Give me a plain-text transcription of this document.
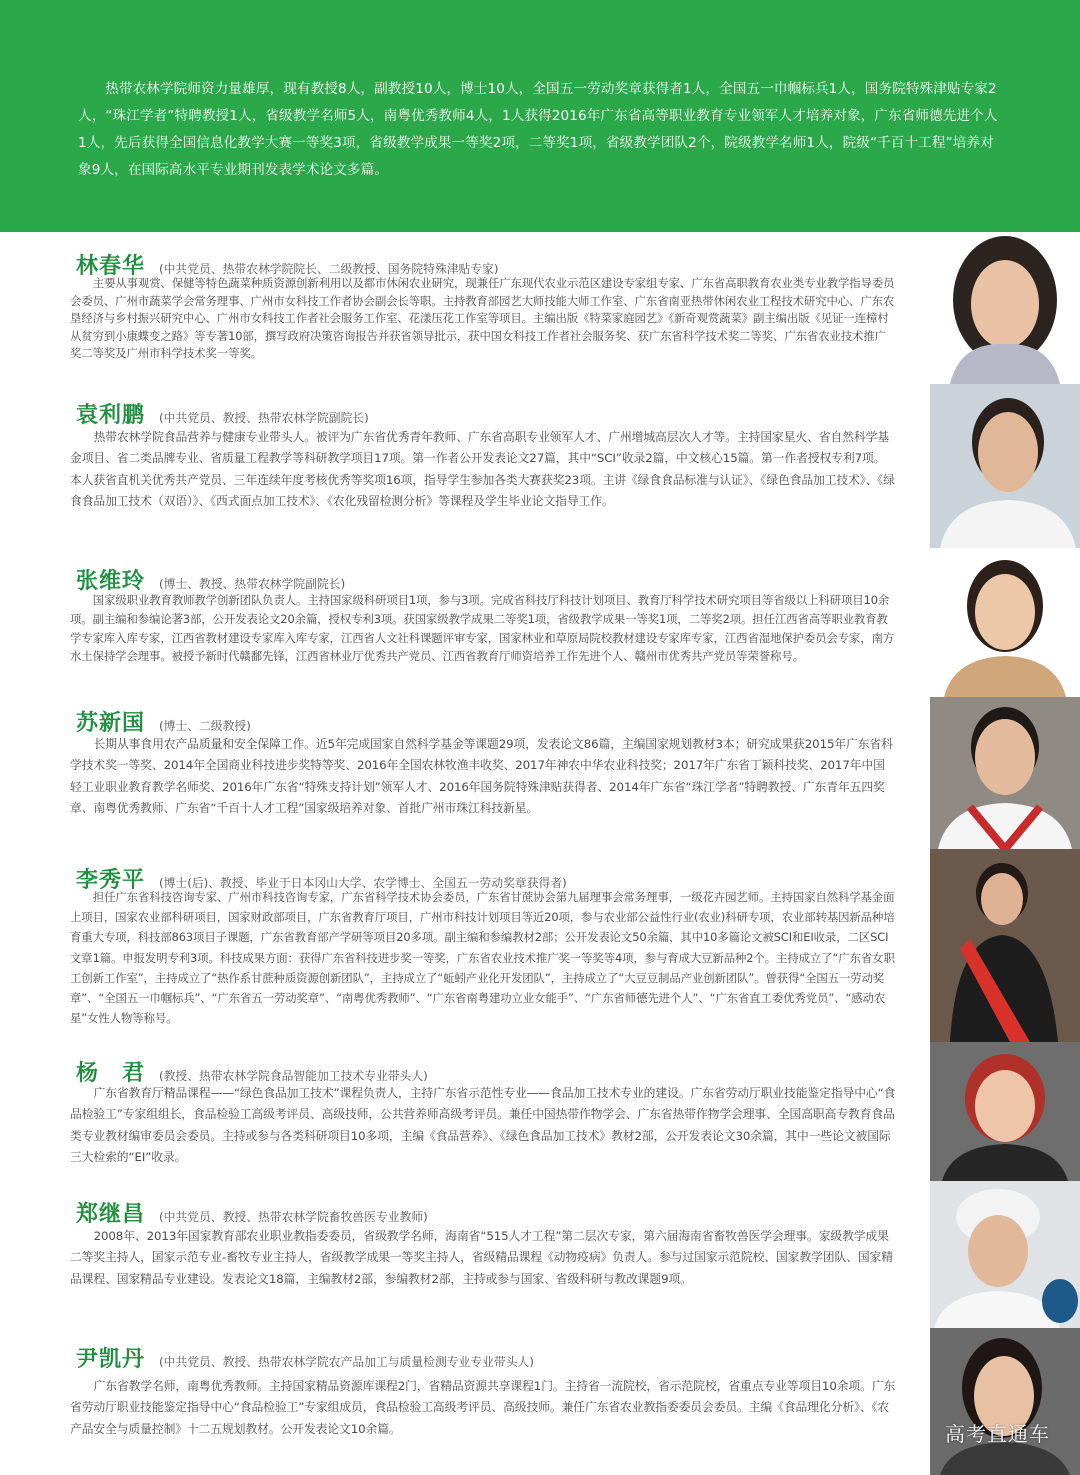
热带农林学院师资力量雄厚，现有教授8人，副教授10人，博士10人，全国五一劳动奖章获得者1人，全国五一巾帼标兵1人，国务院特殊津贴专家2人，“珠江学者”特聘教授1人，省级教学名师5人，南粤优秀教师4人，1人获得2016年广东省高等职业教育专业领军人才培养对象，广东省师德先进个人1人，先后获得全国信息化教学大赛一等奖3项，省级教学成果一等奖2项，二等奖1项，省级教学团队2个，院级教学名师1人，院级“千百十工程”培养对象9人，在国际高水平专业期刊发表学术论文多篇。
林春华 (中共党员、热带农林学院院长、二级教授、国务院特殊津贴专家)
主要从事观赏、保健等特色蔬菜种质资源创新利用以及都市休闲农业研究，现兼任广东现代农业示范区建设专家组专家、广东省高职教育农业类专业教学指导委员会委员、广州市蔬菜学会常务理事、广州市女科技工作者协会副会长等职。主持教育部园艺大师技能大师工作室、广东省南亚热带休闲农业工程技术研究中心、广东农垦经济与乡村振兴研究中心、广州市女科技工作者社会服务工作室、花漾压花工作室等项目。主编出版《特菜家庭园艺》《新奇观赏蔬菜》副主编出版《见证一连樟村从贫穷到小康蝶变之路》等专著10部，撰写政府决策咨询报告并获省领导批示，获中国女科技工作者社会服务奖、获广东省科学技术奖二等奖、广东省农业技术推广奖二等奖及广州市科学技术奖一等奖。
袁利鹏 (中共党员、教授、热带农林学院副院长)
热带农林学院食品营养与健康专业带头人。被评为广东省优秀青年教师、广东省高职专业领军人才、广州增城高层次人才等。主持国家星火、省自然科学基金项目、省二类品牌专业、省质量工程教学等科研教学项目17项。第一作者公开发表论文27篇，其中“SCI”收录2篇，中文核心15篇。第一作者授权专利7项。本人获省直机关优秀共产党员、三年连续年度考核优秀等奖项16项，指导学生参加各类大赛获奖23项。主讲《绿食食品标准与认证》、《绿色食品加工技术》、《绿食食品加工技术（双语）》、《西式面点加工技术》、《农化残留检测分析》等课程及学生毕业论文指导工作。
张维玲 (博士、教授、热带农林学院副院长)
国家级职业教育教师教学创新团队负责人。主持国家级科研项目1项，参与3项。完成省科技厅科技计划项目、教育厅科学技术研究项目等省级以上科研项目10余项。副主编和参编论著3部，公开发表论文20余篇，授权专利3项。获国家级教学成果二等奖1项，省级教学成果一等奖1项，二等奖2项。担任江西省高等职业教育教学专家库入库专家，江西省教材建设专家库入库专家，江西省人文社科课题评审专家，国家林业和草原局院校教材建设专家库专家，江西省湿地保护委员会专家，南方水土保持学会理事。被授予新时代赣鄱先锋，江西省林业厅优秀共产党员、江西省教育厅师资培养工作先进个人、赣州市优秀共产党员等荣誉称号。
苏新国 (博士、二级教授)
长期从事食用农产品质量和安全保障工作。近5年完成国家自然科学基金等课题29项，发表论文86篇，主编国家规划教材3本；研究成果获2015年广东省科学技术奖一等奖、2014年全国商业科技进步奖特等奖、2016年全国农林牧渔丰收奖、2017年神农中华农业科技奖；2017年广东省丁颖科技奖、2017年中国轻工业职业教育教学名师奖、2016年广东省“特殊支持计划”领军人才、2016年国务院特殊津贴获得者、2014年广东省“珠江学者”特聘教授、广东青年五四奖章、南粤优秀教师、广东省“千百十人才工程”国家级培养对象、首批广州市珠江科技新星。
李秀平 (博士(后)、教授、毕业于日本冈山大学、农学博士、全国五一劳动奖章获得者)
担任广东省科技咨询专家、广州市科技咨询专家，广东省科学技术协会委员，广东省甘蔗协会第九届理事会常务理事，一级花卉园艺师。主持国家自然科学基金面上项目，国家农业部科研项目，国家财政部项目，广东省教育厅项目，广州市科技计划项目等近20项，参与农业部公益性行业(农业)科研专项，农业部转基因新品种培育重大专项，科技部863项目子课题，广东省教育部产学研等项目20多项。副主编和参编教材2部；公开发表论文50余篇，其中10多篇论文被SCI和EI收录，二区SCI文章1篇。申报发明专利3项。科技成果方面：获得广东省科技进步奖一等奖，广东省农业技术推广奖一等奖等4项，参与育成大豆新品种2个。主持成立了“广东省女职工创新工作室”，主持成立了“热作系甘蔗种质资源创新团队”，主持成立了“蚯蚓产业化开发团队”，主持成立了“大豆豆制品产业创新团队”。曾获得“全国五一劳动奖章”、“全国五一巾帼标兵”、“广东省五一劳动奖章”、“南粤优秀教师”、“广东省南粤建功立业女能手”、“广东省师德先进个人”、“广东省直工委优秀党员”、“感动农星”女性人物等称号。
杨　君 (教授、热带农林学院食品智能加工技术专业带头人)
广东省教育厅精品课程——“绿色食品加工技术”课程负责人，主持广东省示范性专业——食品加工技术专业的建设。广东省劳动厅职业技能鉴定指导中心“食品检验工”专家组组长，食品检验工高级考评员、高级技师，公共营养师高级考评员。兼任中国热带作物学会、广东省热带作物学会理事、全国高职高专教育食品类专业教材编审委员会委员。主持或参与各类科研项目10多项，主编《食品营养》、《绿色食品加工技术》教材2部，公开发表论文30余篇，其中一些论文被国际三大检索的“EI”收录。
郑继昌 (中共党员、教授、热带农林学院畜牧兽医专业教师)
2008年、2013年国家教育部农业职业教指委委员，省级教学名师，海南省“515人才工程”第二层次专家，第六届海南省畜牧兽医学会理事。家级教学成果二等奖主持人，国家示范专业-畜牧专业主持人，省级教学成果一等奖主持人，省级精品课程《动物疫病》负责人。参与过国家示范院校、国家教学团队、国家精品课程、国家精品专业建设。发表论文18篇，主编教材2部，参编教材2部，主持或参与国家、省级科研与教改课题9项。
尹凯丹 (中共党员、教授、热带农林学院农产品加工与质量检测专业专业带头人)
广东省教学名师，南粤优秀教师。主持国家精品资源库课程2门，省精品资源共享课程1门。主持省一流院校，省示范院校，省重点专业等项目10余项。广东省劳动厅职业技能鉴定指导中心“食品检验工”专家组成员，食品检验工高级考评员、高级技师。兼任广东省农业教指委委员会委员。主编《食品理化分析》、《农产品安全与质量控制》十二五规划教材。公开发表论文10余篇。	高考直通车
